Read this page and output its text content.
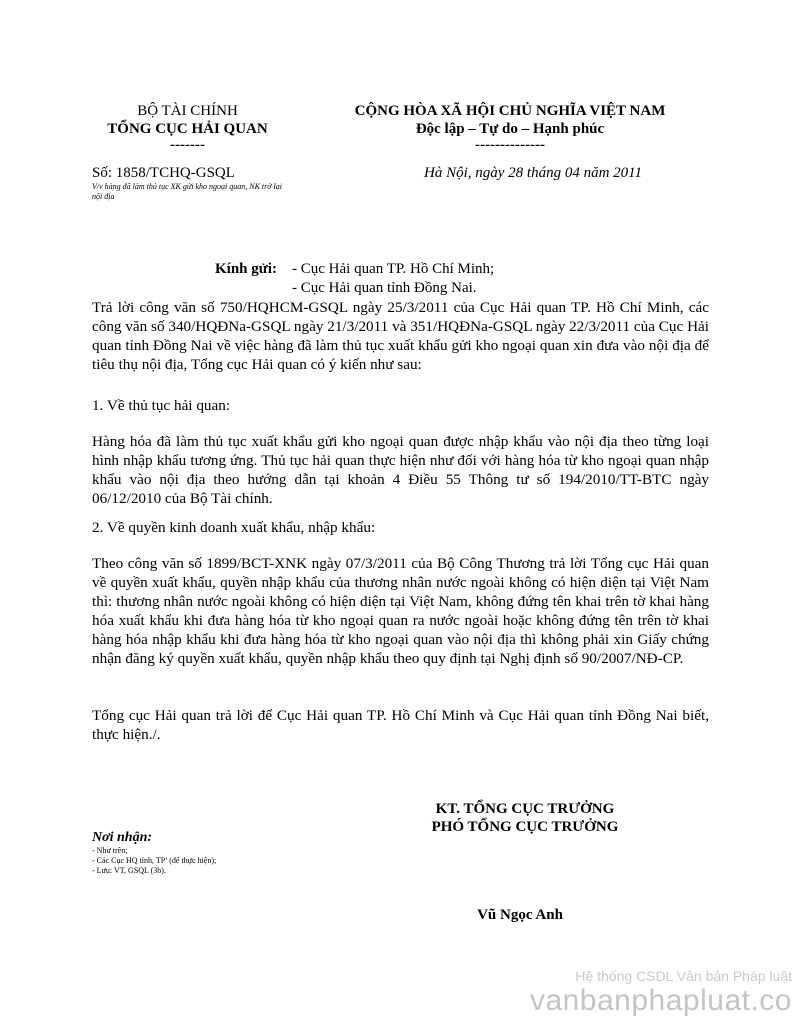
BỘ TÀI CHÍNH
TỔNG CỤC HẢI QUAN
-------
CỘNG HÒA XÃ HỘI CHỦ NGHĨA VIỆT NAM
Độc lập – Tự do – Hạnh phúc
--------------
Số: 1858/TCHQ-GSQL
V/v hàng đã làm thủ tục XK gửi kho ngoại quan, NK trở lại nội địa
Hà Nội, ngày 28 tháng 04 năm 2011
Kính gửi: - Cục Hải quan TP. Hồ Chí Minh;
- Cục Hải quan tỉnh Đồng Nai.
Trả lời công văn số 750/HQHCM-GSQL ngày 25/3/2011 của Cục Hải quan TP. Hồ Chí Minh, các công văn số 340/HQĐNa-GSQL ngày 21/3/2011 và 351/HQĐNa-GSQL ngày 22/3/2011 của Cục Hải quan tỉnh Đồng Nai về việc hàng đã làm thủ tục xuất khẩu gửi kho ngoại quan xin đưa vào nội địa để tiêu thụ nội địa, Tổng cục Hải quan có ý kiến như sau:
1. Về thủ tục hải quan:
Hàng hóa đã làm thủ tục xuất khẩu gửi kho ngoại quan được nhập khẩu vào nội địa theo từng loại hình nhập khẩu tương ứng. Thủ tục hải quan thực hiện như đối với hàng hóa từ kho ngoại quan nhập khẩu vào nội địa theo hướng dẫn tại khoản 4 Điều 55 Thông tư số 194/2010/TT-BTC ngày 06/12/2010 của Bộ Tài chính.
2. Về quyền kinh doanh xuất khẩu, nhập khẩu:
Theo công văn số 1899/BCT-XNK ngày 07/3/2011 của Bộ Công Thương trả lời Tổng cục Hải quan về quyền xuất khẩu, quyền nhập khẩu của thương nhân nước ngoài không có hiện diện tại Việt Nam thì: thương nhân nước ngoài không có hiện diện tại Việt Nam, không đứng tên khai trên tờ khai hàng hóa xuất khẩu khi đưa hàng hóa từ kho ngoại quan ra nước ngoài hoặc không đứng tên trên tờ khai hàng hóa nhập khẩu khi đưa hàng hóa từ kho ngoại quan vào nội địa thì không phải xin Giấy chứng nhận đăng ký quyền xuất khẩu, quyền nhập khẩu theo quy định tại Nghị định số 90/2007/NĐ-CP.
Tổng cục Hải quan trả lời để Cục Hải quan TP. Hồ Chí Minh và Cục Hải quan tỉnh Đồng Nai biết, thực hiện./.
KT. TỔNG CỤC TRƯỞNG
PHÓ TỔNG CỤC TRƯỞNG
Vũ Ngọc Anh
Nơi nhận:
- Như trên;
- Các Cục HQ tỉnh, TP’ (để thực hiện);
- Lưu: VT, GSQL (3b).
Hệ thống CSDL Văn bản Pháp luật
vanbanphapluat.co
